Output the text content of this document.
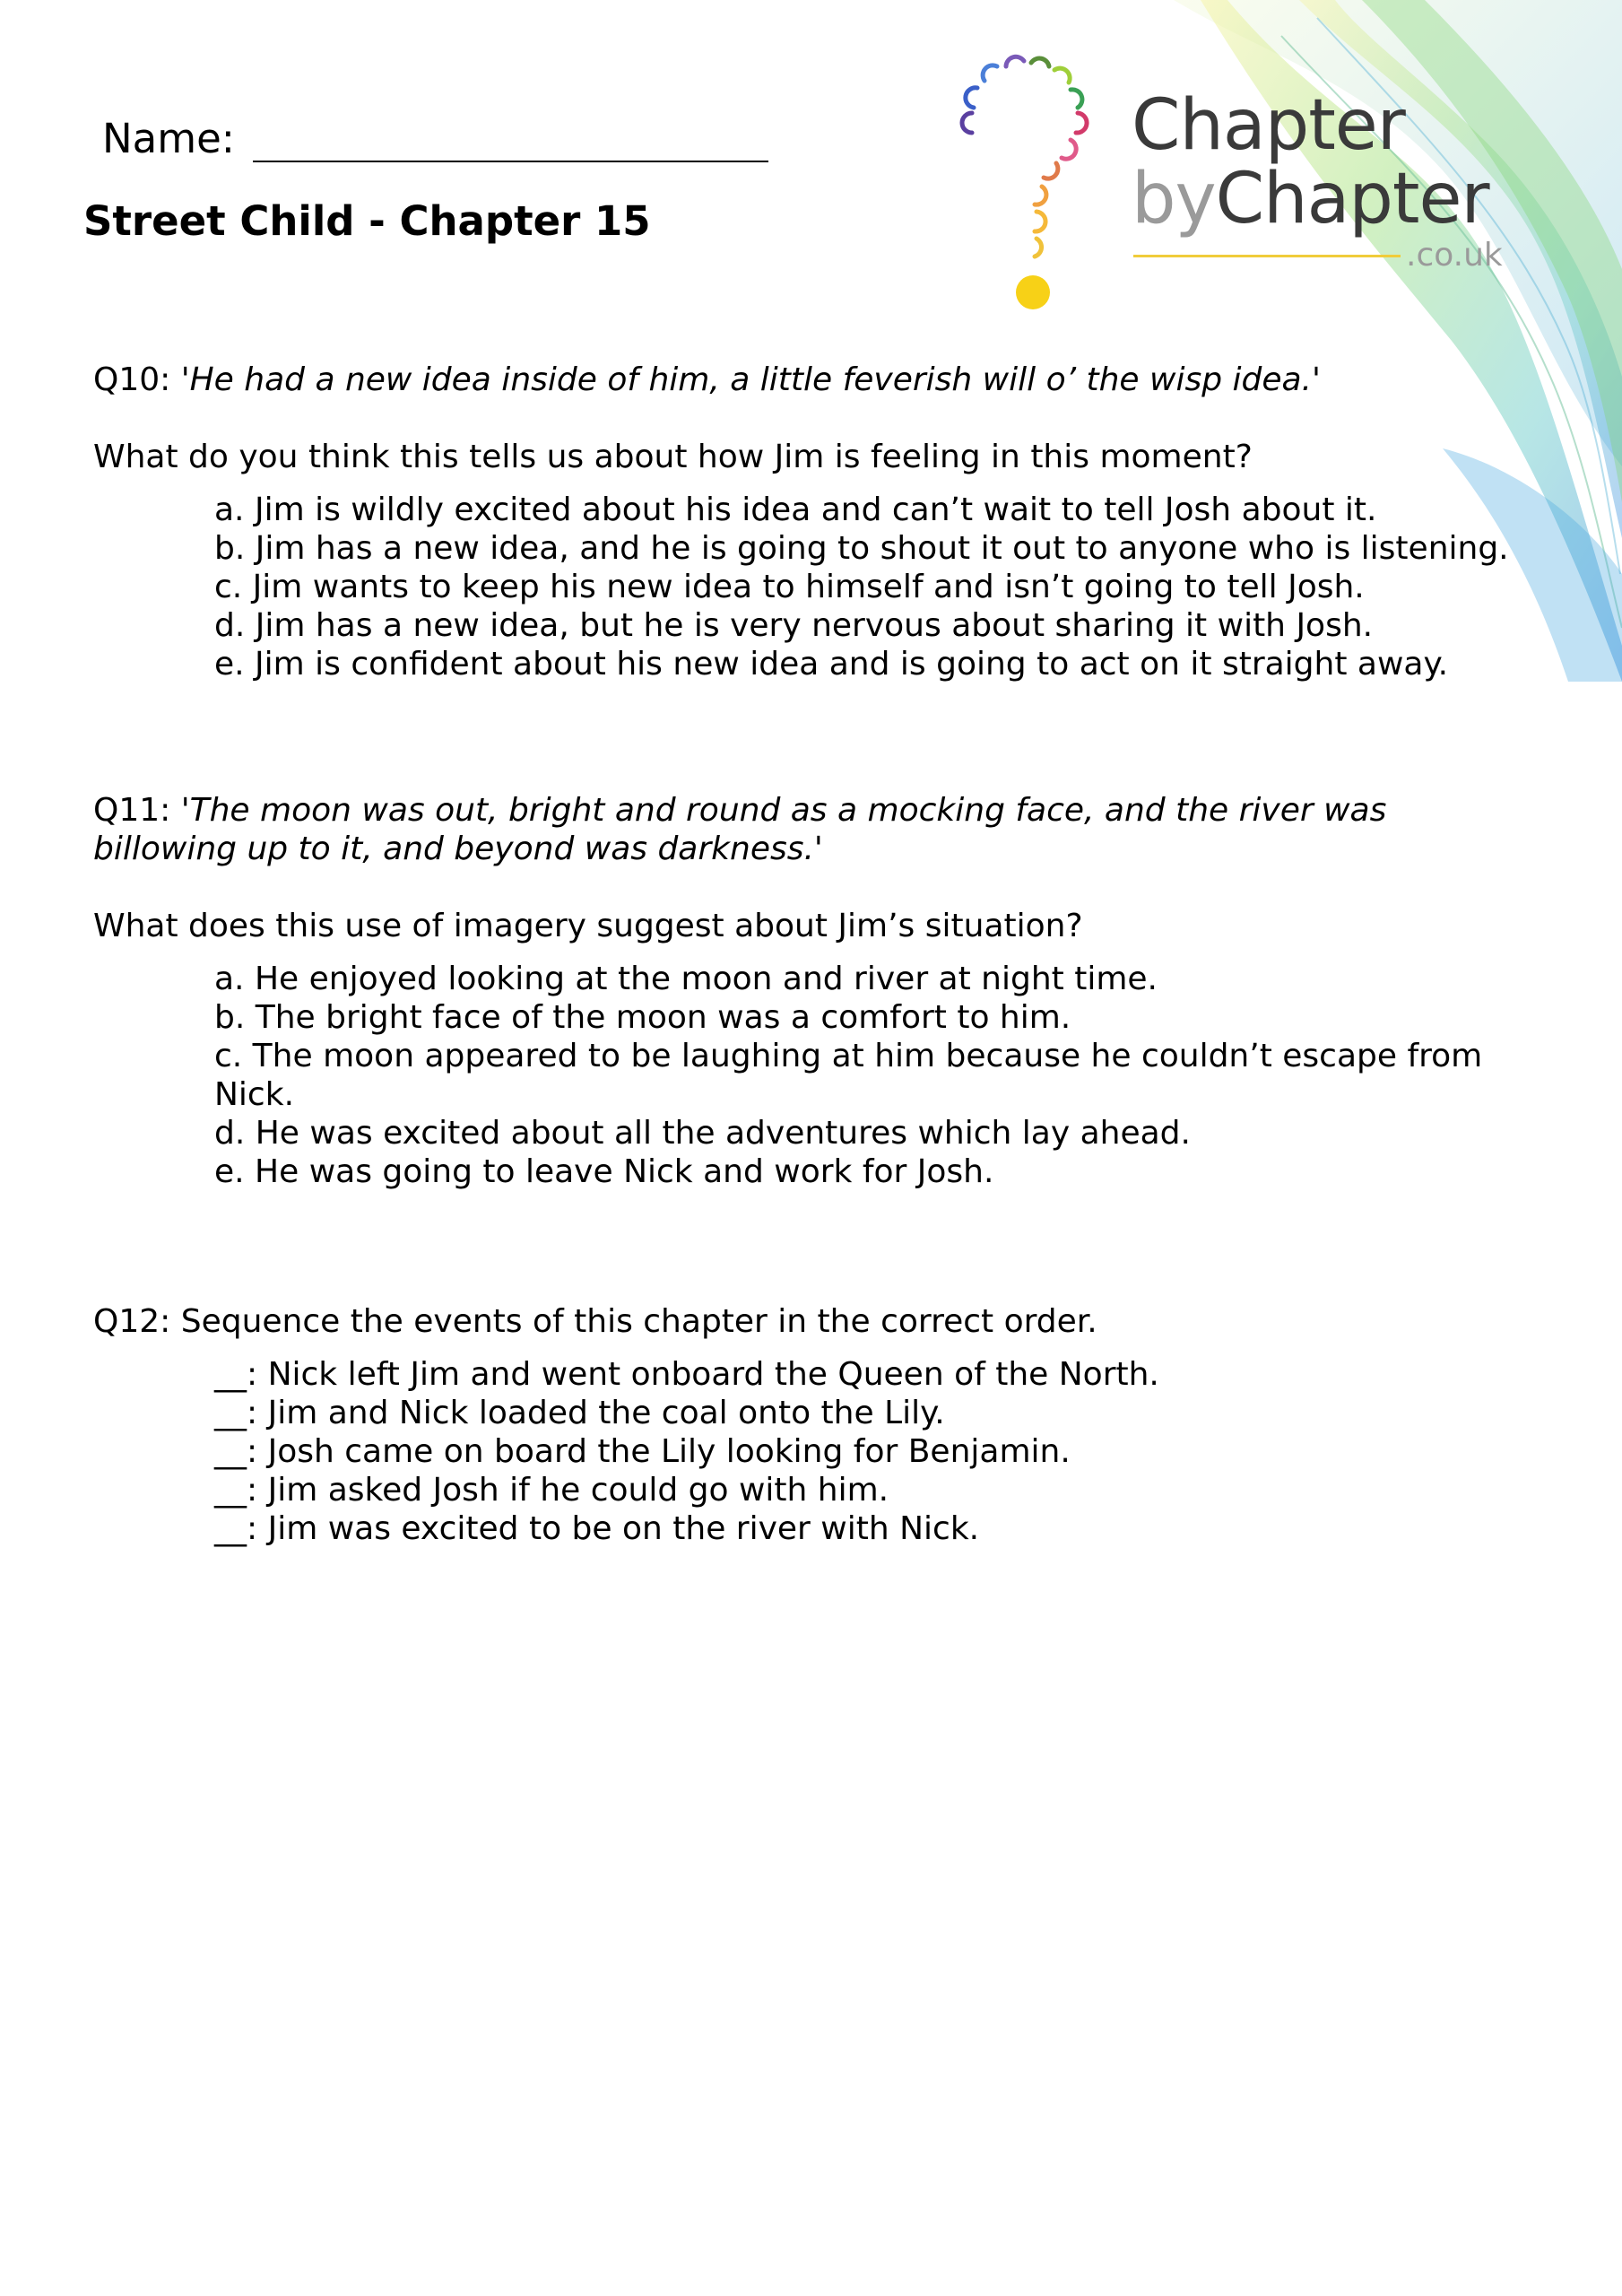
Chapter
byChapter
.co.uk
Name:
Street Child - Chapter 15

Q10: 'He had a new idea inside of him, a little feverish will o’ the wisp idea.'

What do you think this tells us about how Jim is feeling in this moment?

a. Jim is wildly excited about his idea and can’t wait to tell Josh about it.
b. Jim has a new idea, and he is going to shout it out to anyone who is listening.
c. Jim wants to keep his new idea to himself and isn’t going to tell Josh.
d. Jim has a new idea, but he is very nervous about sharing it with Josh.
e. Jim is confident about his new idea and is going to act on it straight away.

Q11: 'The moon was out, bright and round as a mocking face, and the river was billowing up to it, and beyond was darkness.'

What does this use of imagery suggest about Jim’s situation?

a. He enjoyed looking at the moon and river at night time.
b. The bright face of the moon was a comfort to him.
c. The moon appeared to be laughing at him because he couldn’t escape from Nick.
d. He was excited about all the adventures which lay ahead.
e. He was going to leave Nick and work for Josh.

Q12: Sequence the events of this chapter in the correct order.

__: Nick left Jim and went onboard the Queen of the North.
__: Jim and Nick loaded the coal onto the Lily.
__: Josh came on board the Lily looking for Benjamin.
__: Jim asked Josh if he could go with him.
__: Jim was excited to be on the river with Nick.
